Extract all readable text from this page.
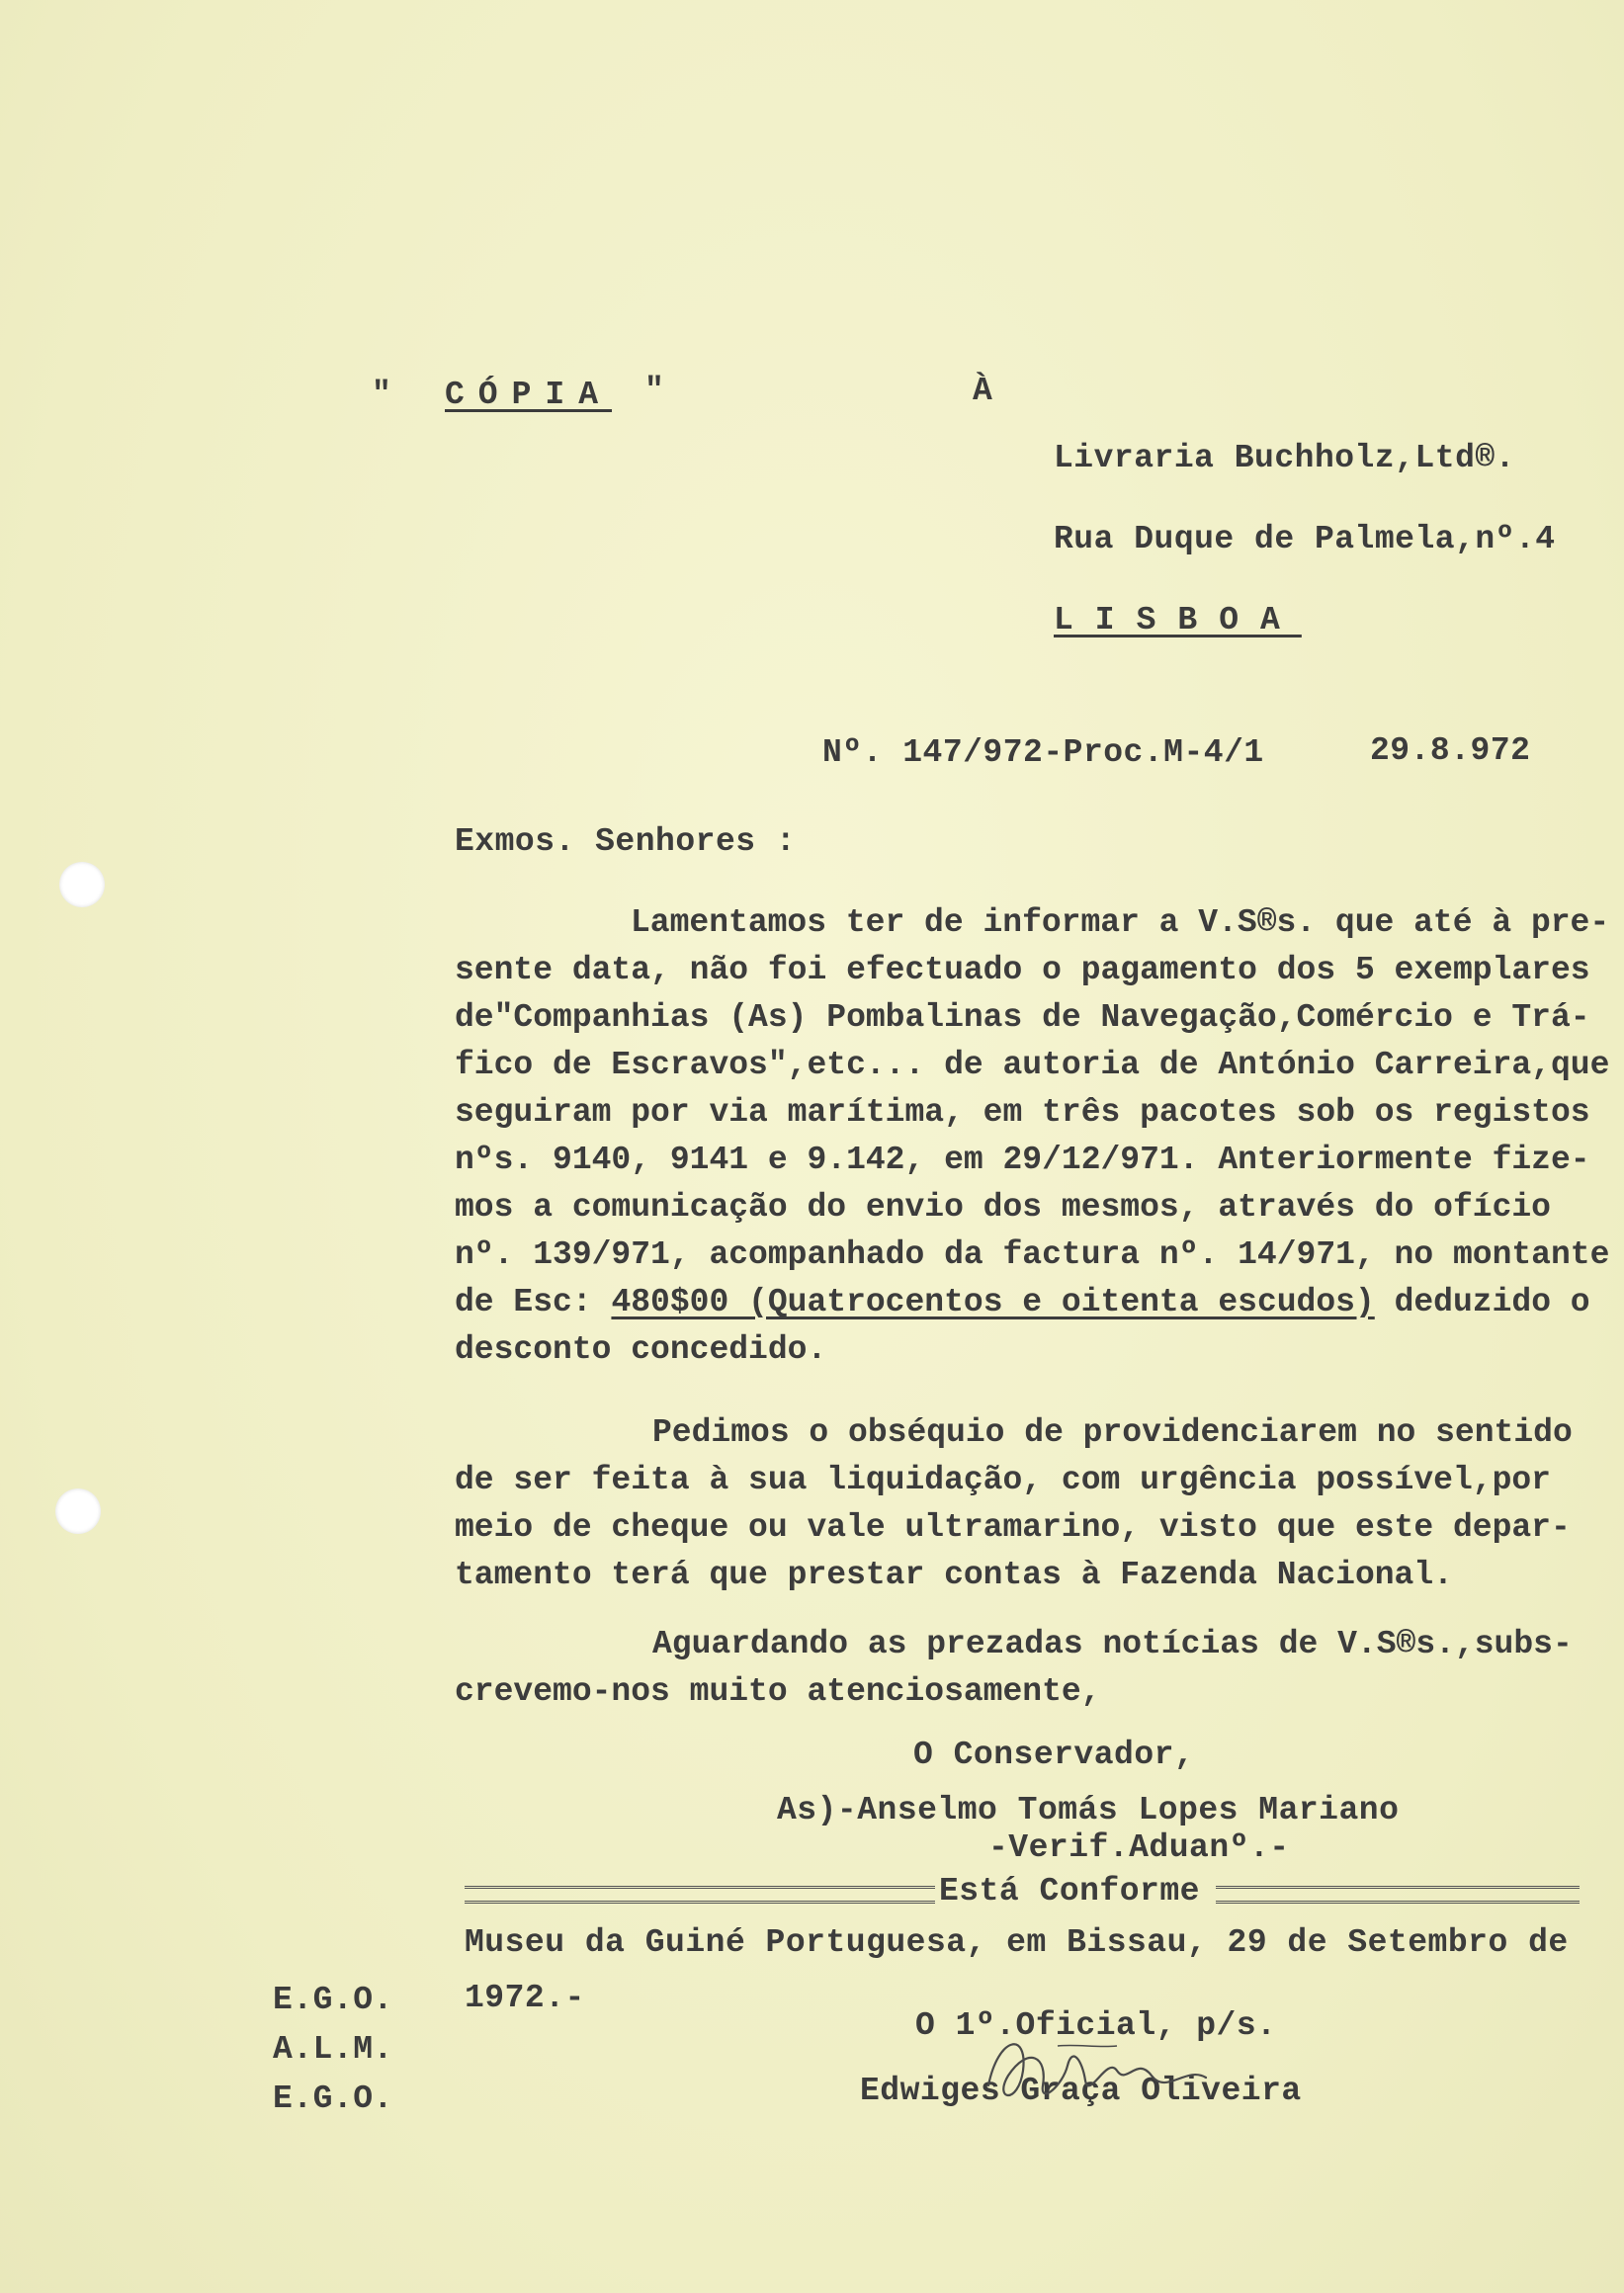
" CÓPIA "	À
Livraria Buchholz,Ltd®.
Rua Duque de Palmela,nº.4
LISBOA
Nº. 147/972-Proc.M-4/1	29.8.972
Exmos. Senhores :
Lamentamos ter de informar a V.S®s. que até à pre-
sente data, não foi efectuado o pagamento dos 5 exemplares
de"Companhias (As) Pombalinas de Navegação,Comércio e Trá-
fico de Escravos",etc... de autoria de António Carreira,que
seguiram por via marítima, em três pacotes sob os registos
nºs. 9140, 9141 e 9.142, em 29/12/971. Anteriormente fize-
mos a comunicação do envio dos mesmos, através do ofício
nº. 139/971, acompanhado da factura nº. 14/971, no montante
de Esc: 480$00 (Quatrocentos e oitenta escudos) deduzido o
desconto concedido.
Pedimos o obséquio de providenciarem no sentido
de ser feita à sua liquidação, com urgência possível,por
meio de cheque ou vale ultramarino, visto que este depar-
tamento terá que prestar contas à Fazenda Nacional.
Aguardando as prezadas notícias de V.S®s.,subs-
crevemo-nos muito atenciosamente,
O Conservador,
As)-Anselmo Tomás Lopes Mariano
-Verif.Aduanº.-
Está Conforme
Museu da Guiné Portuguesa, em Bissau, 29 de Setembro de
1972.-
O 1º.Oficial, p/s.
Edwiges Graça Oliveira
E.G.O.
A.L.M.
E.G.O.
